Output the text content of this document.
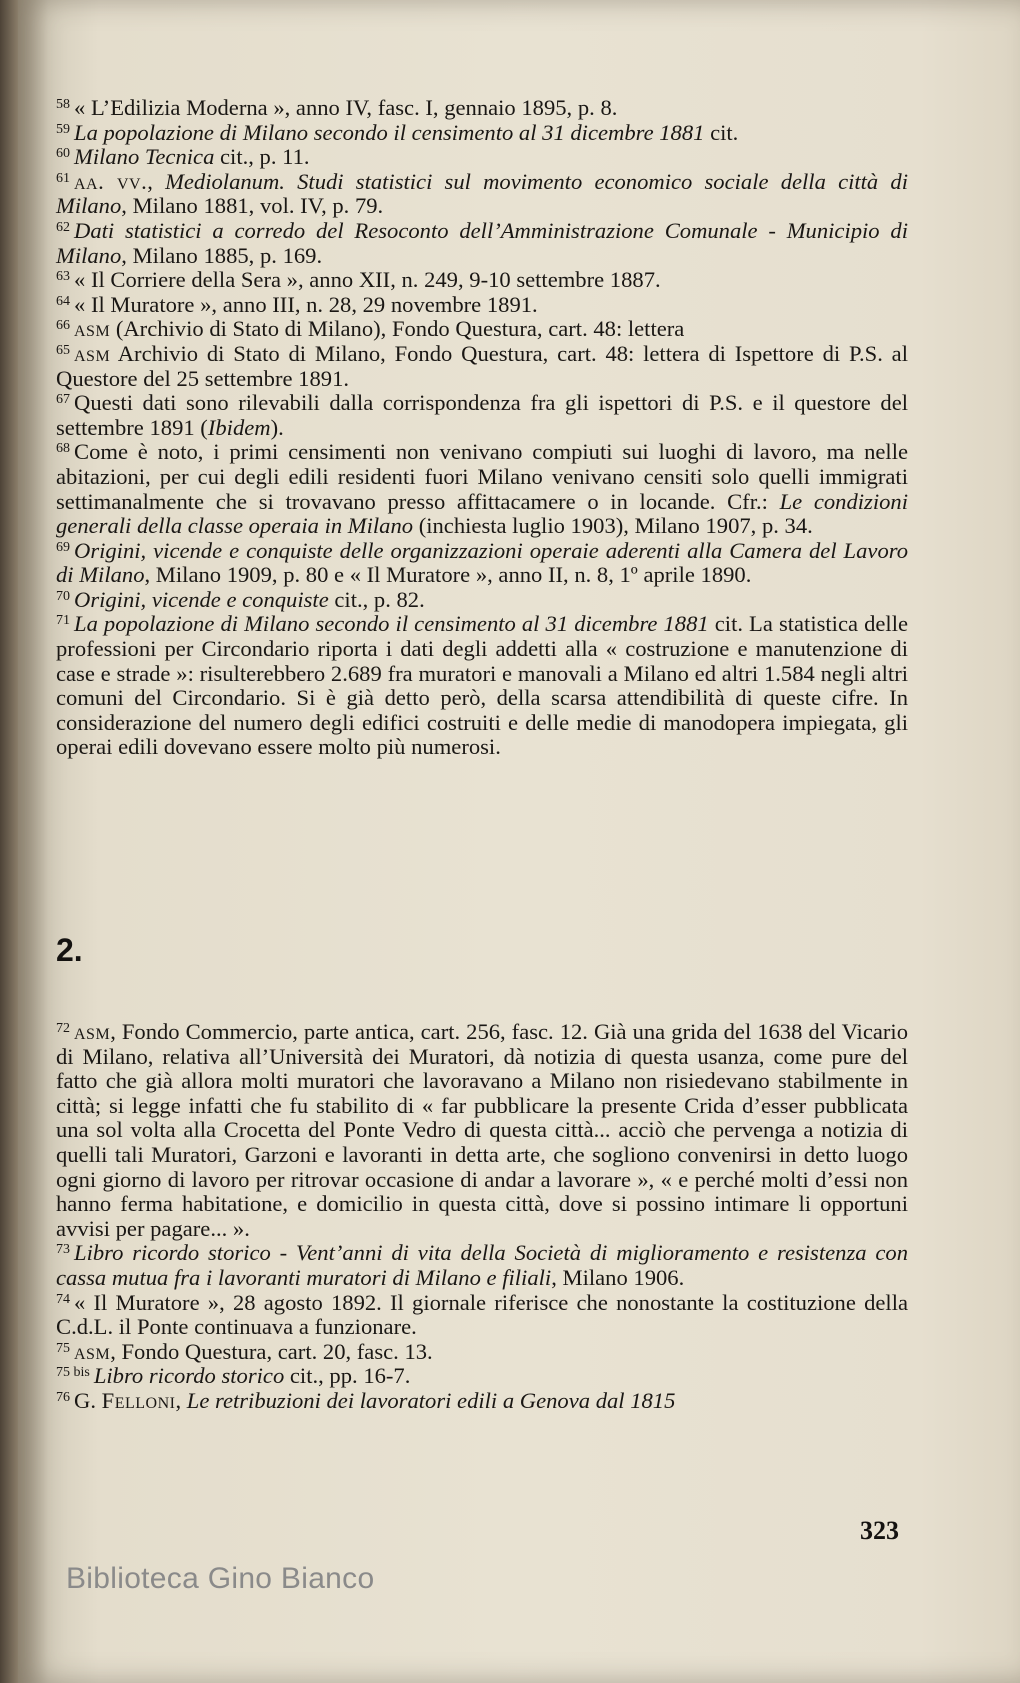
$^{58}$ « L’Edilizia Moderna », anno IV, fasc. I, gennaio 1895, p. 8.

$^{59}$ La popolazione di Milano secondo il censimento al 31 dicembre 1881 cit.

$^{60}$ Milano Tecnica cit., p. 11.

$^{61}$ aa. vv., Mediolanum. Studi statistici sul movimento economico sociale della città di Milano, Milano 1881, vol. IV, p. 79.

$^{62}$ Dati statistici a corredo del Resoconto dell’Amministrazione Comunale - Municipio di Milano, Milano 1885, p. 169.

$^{63}$ « Il Corriere della Sera », anno XII, n. 249, 9-10 settembre 1887.

$^{64}$ « Il Muratore », anno III, n. 28, 29 novembre 1891.

$^{66}$ asm (Archivio di Stato di Milano), Fondo Questura, cart. 48: lettera

$^{65}$ asm Archivio di Stato di Milano, Fondo Questura, cart. 48: lettera di Ispettore di P.S. al Questore del 25 settembre 1891.

$^{67}$ Questi dati sono rilevabili dalla corrispondenza fra gli ispettori di P.S. e il questore del settembre 1891 (Ibidem).

$^{68}$ Come è noto, i primi censimenti non venivano compiuti sui luoghi di lavoro, ma nelle abitazioni, per cui degli edili residenti fuori Milano venivano censiti solo quelli immigrati settimanalmente che si trovavano presso affittacamere o in locande. Cfr.: Le condizioni generali della classe operaia in Milano (inchiesta luglio 1903), Milano 1907, p. 34.

$^{69}$ Origini, vicende e conquiste delle organizzazioni operaie aderenti alla Camera del Lavoro di Milano, Milano 1909, p. 80 e « Il Muratore », anno II, n. 8, 1º aprile 1890.

$^{70}$ Origini, vicende e conquiste cit., p. 82.

$^{71}$ La popolazione di Milano secondo il censimento al 31 dicembre 1881 cit. La statistica delle professioni per Circondario riporta i dati degli addetti alla « costruzione e manutenzione di case e strade »: risulterebbero 2.689 fra muratori e manovali a Milano ed altri 1.584 negli altri comuni del Circondario. Si è già detto però, della scarsa attendibilità di queste cifre. In considerazione del numero degli edifici costruiti e delle medie di manodopera impiegata, gli operai edili dovevano essere molto più numerosi.

2.

$^{72}$ asm, Fondo Commercio, parte antica, cart. 256, fasc. 12. Già una grida del 1638 del Vicario di Milano, relativa all’Università dei Muratori, dà notizia di questa usanza, come pure del fatto che già allora molti muratori che lavoravano a Milano non risiedevano stabilmente in città; si legge infatti che fu stabilito di « far pubblicare la presente Crida d’esser pubblicata una sol volta alla Crocetta del Ponte Vedro di questa città... acciò che pervenga a notizia di quelli tali Muratori, Garzoni e lavoranti in detta arte, che sogliono convenirsi in detto luogo ogni giorno di lavoro per ritrovar occasione di andar a lavorare », « e perché molti d’essi non hanno ferma habitatione, e domicilio in questa città, dove si possino intimare li opportuni avvisi per pagare... ».

$^{73}$ Libro ricordo storico - Vent’anni di vita della Società di miglioramento e resistenza con cassa mutua fra i lavoranti muratori di Milano e filiali, Milano 1906.

$^{74}$ « Il Muratore », 28 agosto 1892. Il giornale riferisce che nonostante la costituzione della C.d.L. il Ponte continuava a funzionare.

$^{75}$ asm, Fondo Questura, cart. 20, fasc. 13.

$^{75 bis}$ Libro ricordo storico cit., pp. 16-7.

$^{76}$ G. Felloni, Le retribuzioni dei lavoratori edili a Genova dal 1815

323
Biblioteca Gino Bianco
